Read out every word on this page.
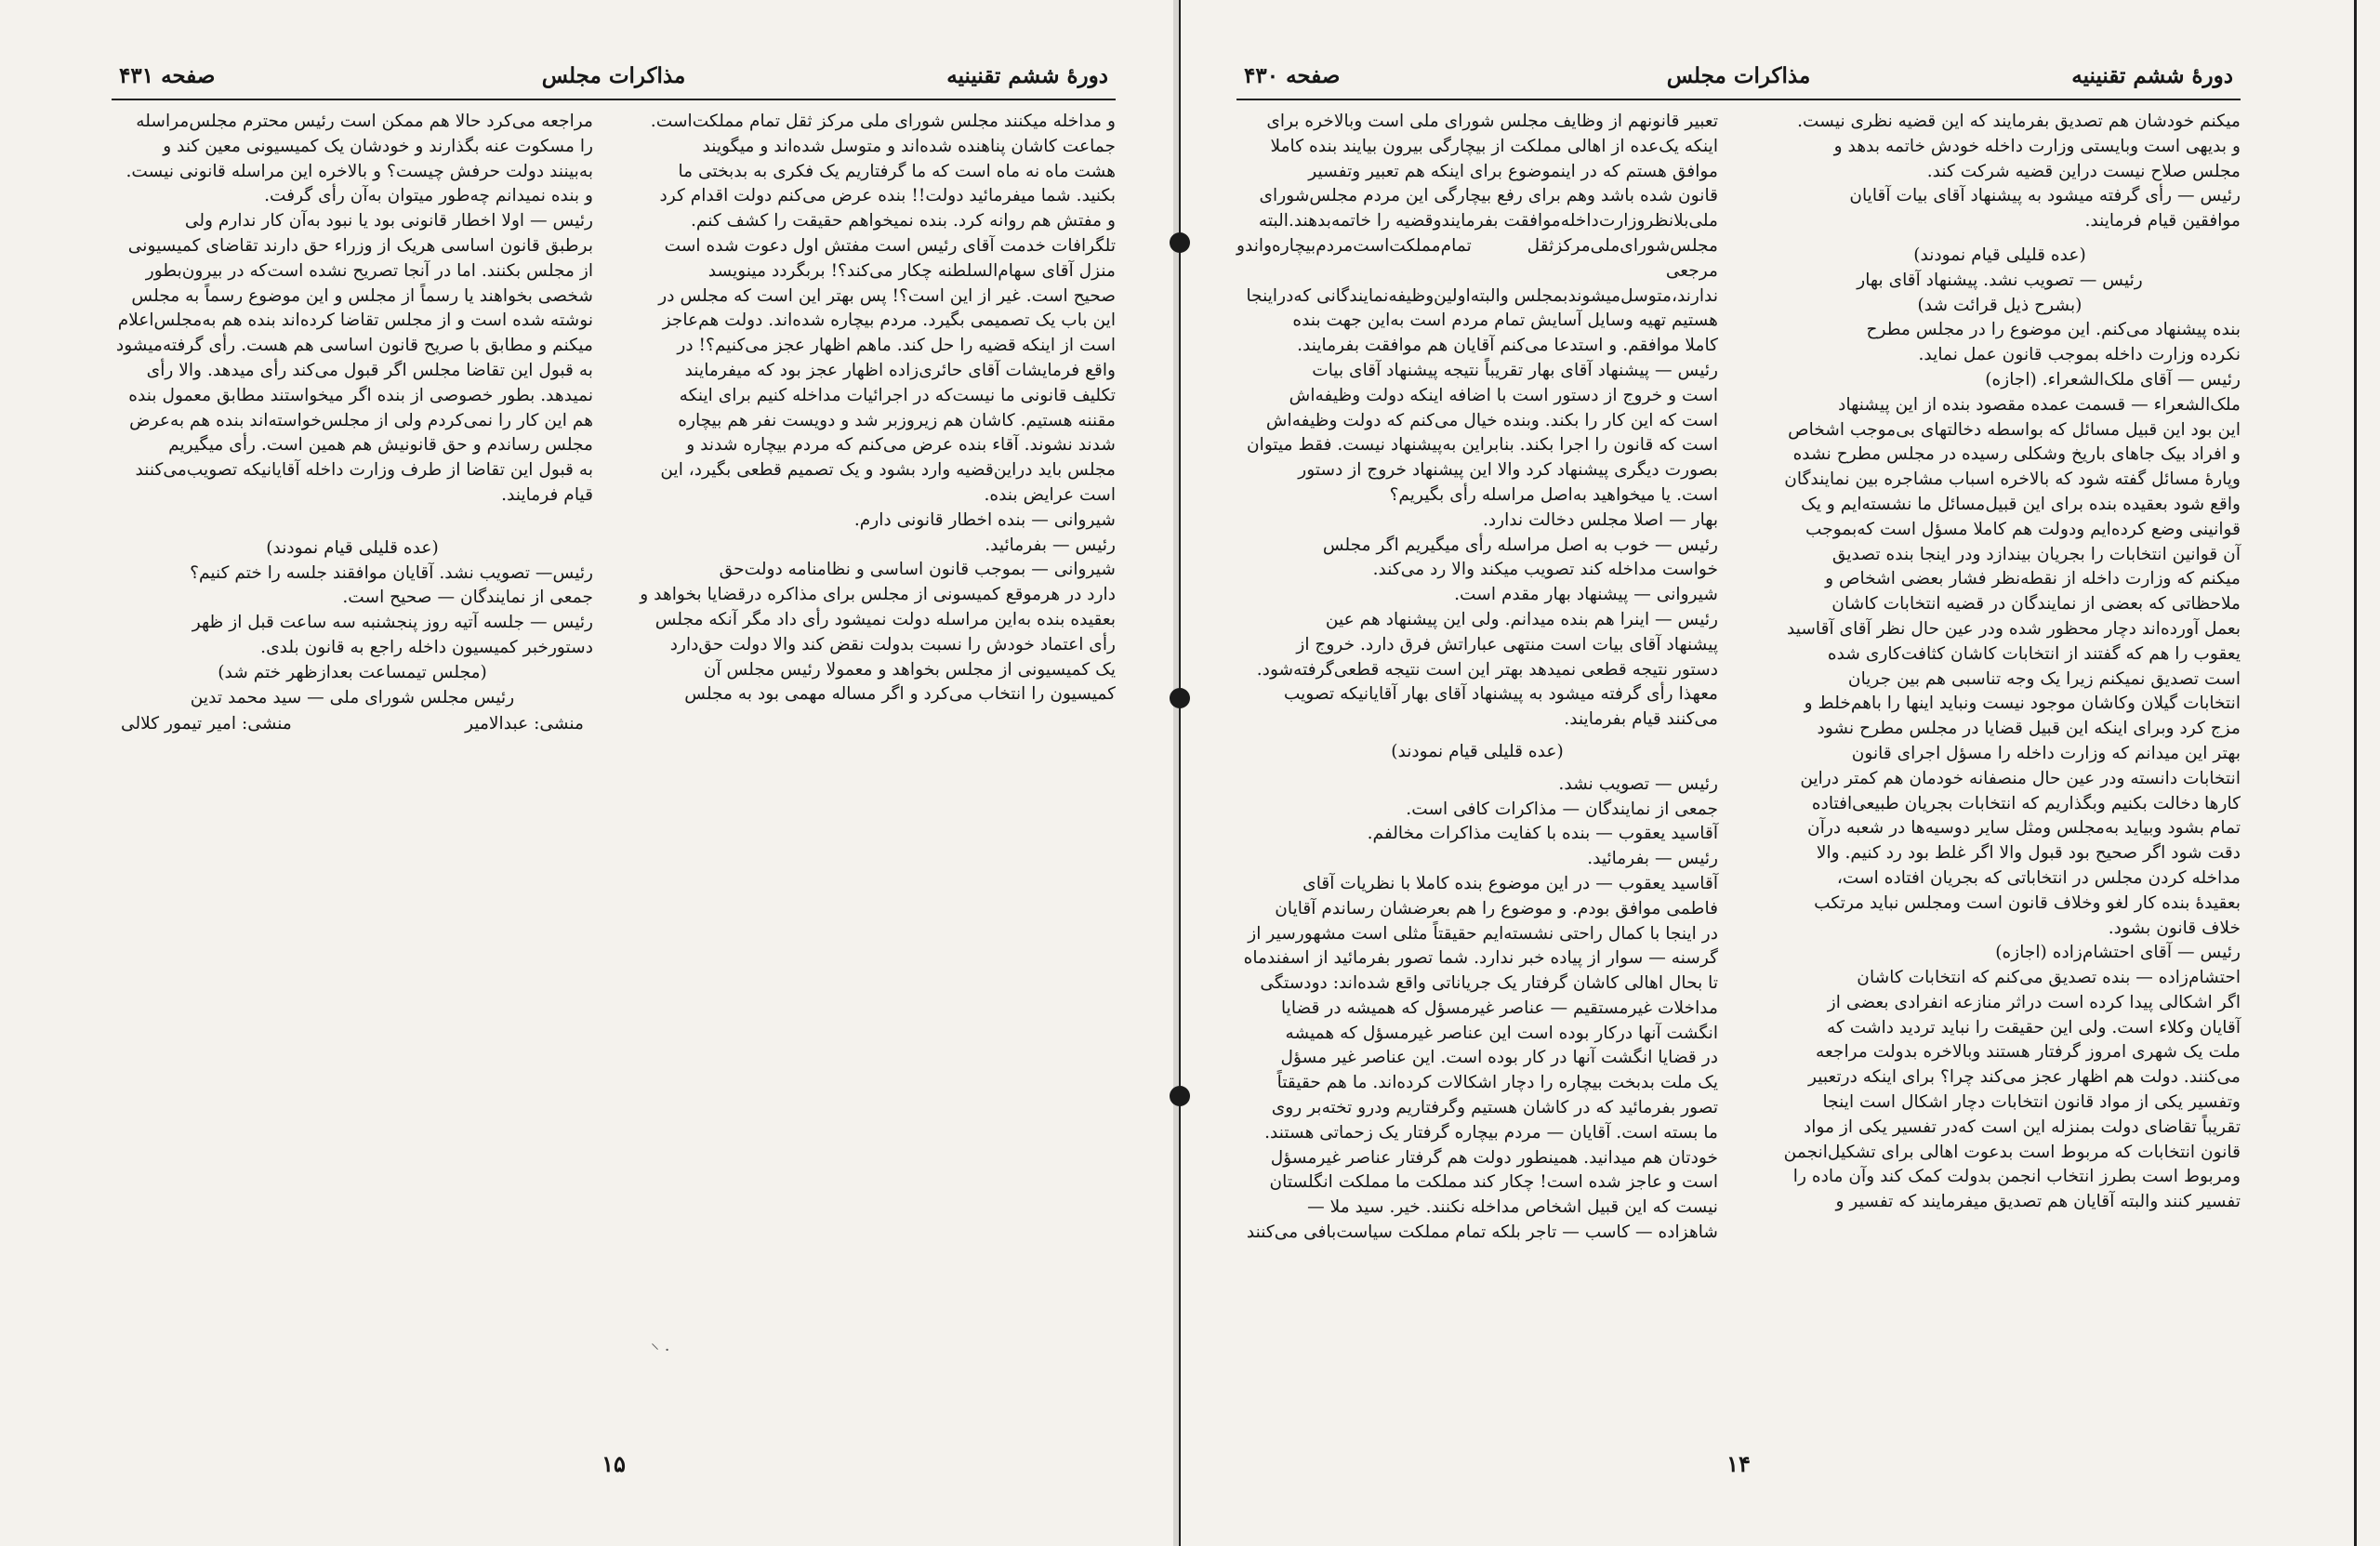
دورهٔ ششم تقنینیه
مذاکرات مجلس
صفحه ۴۳۱

و مداخله میکنند مجلس شورای ملی مرکز ثقل تمام مملکت‌است.

جماعت کاشان پناهنده شده‌اند و متوسل شده‌اند و میگویند

هشت ماه نه ماه است که ما گرفتاریم یک فکری به بدبختی ما

بکنید. شما میفرمائید دولت!! بنده عرض می‌کنم دولت اقدام کرد

و مفتش هم روانه کرد. بنده نمیخواهم حقیقت را کشف کنم.

تلگرافات خدمت آقای رئیس است مفتش اول دعوت شده است

منزل آقای سهام‌السلطنه چکار می‌کند؟! بربگردد مینویسد

صحیح است. غیر از این است؟! پس بهتر این است که مجلس در

این باب یک تصمیمی بگیرد. مردم بیچاره شده‌اند. دولت هم‌عاجز

است از اینکه قضیه را حل کند. ماهم اظهار عجز می‌کنیم؟! در

واقع فرمایشات آقای حائری‌زاده اظهار عجز بود که میفرمایند

تکلیف قانونی ما نیست‌که در اجرائیات مداخله کنیم برای اینکه

مقننه هستیم. کاشان هم زیروزبر شد و دویست نفر هم بیچاره

شدند نشوند. آقاء بنده عرض می‌کنم که مردم بیچاره شدند و

مجلس باید دراین‌قضیه وارد بشود و یک تصمیم قطعی بگیرد، این

است عرایض بنده.

شیروانی — بنده اخطار قانونی دارم.

رئیس — بفرمائید.

شیروانی — بموجب قانون اساسی و نظامنامه دولت‌حق

دارد در هرموقع کمیسونی از مجلس برای مذاکره درقضایا بخواهد و

بعقیده بنده به‌این مراسله دولت نمیشود رأی داد مگر آنکه مجلس

رأی اعتماد خودش را نسبت بدولت نقض کند والا دولت حق‌دارد

یک کمیسیونی از مجلس بخواهد و معمولا رئیس مجلس آن

کمیسیون را انتخاب می‌کرد و اگر مساله مهمی بود به مجلس

مراجعه می‌کرد حالا هم ممکن است رئیس محترم مجلس‌مراسله

را مسکوت عنه بگذارند و خودشان یک کمیسیونی معین کند و

به‌بینند دولت حرفش چیست؟ و بالاخره این مراسله قانونی نیست.

و بنده نمیدانم چه‌طور میتوان به‌آن رأی گرفت.

رئیس — اولا اخطار قانونی بود یا نبود به‌آن کار ندارم ولی

برطبق قانون اساسی هریک از وزراء حق دارند تقاضای کمیسیونی

از مجلس بکنند. اما در آنجا تصریح نشده است‌که در بیرون‌بطور

شخصی بخواهند یا رسماً از مجلس و این موضوع رسماً به مجلس

نوشته شده است و از مجلس تقاضا کرده‌اند بنده هم به‌مجلس‌اعلام

میکنم و مطابق با صریح قانون اساسی هم هست. رأی گرفته‌میشود

به قبول این تقاضا مجلس اگر قبول می‌کند رأی میدهد. والا رأی

نمیدهد. بطور خصوصی از بنده اگر میخواستند مطابق معمول بنده

هم این کار را نمی‌کردم ولی از مجلس‌خواسته‌اند بنده هم به‌عرض

مجلس رساندم و حق قانونیش هم همین است. رأی میگیریم

به قبول این تقاضا از طرف وزارت داخله آقایانیکه تصویب‌می‌کنند

قیام فرمایند.

(عده قلیلی قیام نمودند)

رئیس— تصویب نشد. آقایان موافقند جلسه را ختم کنیم؟

جمعی از نمایندگان — صحیح است.

رئیس — جلسه آتیه روز پنجشنبه سه ساعت قبل از ظهر

دستورخبر کمیسیون داخله راجع به قانون بلدی.

(مجلس تیمساعت بعدازظهر ختم شد)

رئیس مجلس شورای ملی — سید محمد تدین

منشی: عبدالامیر
منشی: امیر تیمور کلالی
⸌ ·
۱۵
دورهٔ ششم تقنینیه
مذاکرات مجلس
صفحه ۴۳۰

میکنم خودشان هم تصدیق بفرمایند که این قضیه نظری نیست.

و بدیهی است وبایستی وزارت داخله خودش خاتمه بدهد و

مجلس صلاح نیست دراین قضیه شرکت کند.

رئیس — رأی گرفته میشود به پیشنهاد آقای بیات آقایان

موافقین قیام فرمایند.

(عده قلیلی قیام نمودند)

رئیس — تصویب نشد. پیشنهاد آقای بهار

(بشرح ذیل قرائت شد)

بنده پیشنهاد می‌کنم. این موضوع را در مجلس مطرح

نکرده وزارت داخله بموجب قانون عمل نماید.

رئیس — آقای ملک‌الشعراء. (اجازه)

ملک‌الشعراء — قسمت عمده مقصود بنده از این پیشنهاد

این بود این قبیل مسائل که بواسطه دخالتهای بی‌موجب اشخاص

و افراد بیک جاهای باریخ وشکلی رسیده در مجلس مطرح نشده

وپارهٔ مسائل گفته شود که بالاخره اسباب مشاجره بین نمایندگان

واقع شود بعقیده بنده برای این قبیل‌مسائل ما نشسته‌ایم و یک

قوانینی وضع کرده‌ایم ودولت هم کاملا مسؤل است که‌بموجب

آن قوانین انتخابات را بجریان بیندازد ودر اینجا بنده تصدیق

میکنم که وزارت داخله از نقطه‌نظر فشار بعضی اشخاص و

ملاحظاتی که بعضی از نمایندگان در قضیه انتخابات کاشان

بعمل آورده‌اند دچار محظور شده ودر عین حال نظر آقای آقاسید

یعقوب را هم که گفتند از انتخابات کاشان کثافت‌کاری شده

است تصدیق نمیکنم زیرا یک وجه تناسبی هم بین جریان

انتخابات گیلان وکاشان موجود نیست ونباید اینها را باهم‌خلط و

مزج کرد وبرای اینکه این قبیل قضایا در مجلس مطرح نشود

بهتر این میدانم که وزارت داخله را مسؤل اجرای قانون

انتخابات دانسته ودر عین حال منصفانه خودمان هم کمتر دراین

کارها دخالت بکنیم وبگذاریم که انتخابات بجریان طبیعی‌افتاده

تمام بشود وبیاید به‌مجلس ومثل سایر دوسیه‌ها در شعبه درآن

دقت شود اگر صحیح بود قبول والا اگر غلط بود رد کنیم. والا

مداخله کردن مجلس در انتخاباتی که بجریان افتاده است،

بعقیدهٔ بنده کار لغو وخلاف قانون است ومجلس نباید مرتکب

خلاف قانون بشود.

رئیس — آقای احتشام‌زاده (اجازه)

احتشام‌زاده — بنده تصدیق می‌کنم که انتخابات کاشان

اگر اشکالی پیدا کرده است دراثر منازعه انفرادی بعضی از

آقایان وکلاء است. ولی این حقیقت را نباید تردید داشت که

ملت یک شهری امروز گرفتار هستند وبالاخره بدولت مراجعه

می‌کنند. دولت هم اظهار عجز می‌کند چرا؟ برای اینکه درتعبیر

وتفسیر یکی از مواد قانون انتخابات دچار اشکال است اینجا

تقریباً تقاضای دولت بمنزله این است که‌در تفسیر یکی از مواد

قانون انتخابات که مربوط است بدعوت اهالی برای تشکیل‌انجمن

ومربوط است بطرز انتخاب انجمن بدولت کمک کند وآن ماده را

تفسیر کنند والبته آقایان هم تصدیق میفرمایند که تفسیر و

تعبیر قانونهم از وظایف مجلس شورای ملی است وبالاخره برای

اینکه یک‌عده از اهالی مملکت از بیچارگی بیرون بیایند بنده کاملا

موافق هستم که در اینموضوع برای اینکه هم تعبیر وتفسیر

قانون شده باشد وهم برای رفع بیچارگی این مردم مجلس‌شورای

ملی‌بلانظروزارت‌داخله‌موافقت بفرمایندوقضیه را خاتمه‌بدهند.البته

مجلس‌شورای‌ملی‌مرکزثقل تمام‌مملکت‌است‌مردم‌بیچاره‌واندو مرجعی

ندارند،متوسل‌میشوند‌بمجلس و‌البته‌اولین‌وظیفه‌نمایندگانی که‌در‌اینجا

هستیم تهیه وسایل آسایش تمام مردم است به‌این جهت بنده

کاملا موافقم. و استدعا می‌کنم آقایان هم موافقت بفرمایند.

رئیس — پیشنهاد آقای بهار تقریباً نتیجه پیشنهاد آقای بیات

است و خروج از دستور است با اضافه اینکه دولت وظیفه‌اش

است که این کار را بکند. وبنده خیال می‌کنم که دولت وظیفه‌اش

است که قانون را اجرا بکند. بنابراین به‌پیشنهاد نیست. فقط میتوان

بصورت دیگری پیشنهاد کرد والا این پیشنهاد خروج از دستور

است. یا میخواهید به‌اصل مراسله رأی بگیریم؟

بهار — اصلا مجلس دخالت ندارد.

رئیس — خوب به اصل مراسله رأی میگیریم اگر مجلس

خواست مداخله کند تصویب میکند والا رد می‌کند.

شیروانی — پیشنهاد بهار مقدم است.

رئیس — اینرا هم بنده میدانم. ولی این پیشنهاد هم عین

پیشنهاد آقای بیات است منتهی عباراتش فرق دارد. خروج از

دستور نتیجه قطعی نمیدهد بهتر این است نتیجه قطعی‌گرفته‌شود.

معهذا رأی گرفته میشود به پیشنهاد آقای بهار آقایانیکه تصویب

می‌کنند قیام بفرمایند.

(عده قلیلی قیام نمودند)

رئیس — تصویب نشد.

جمعی از نمایندگان — مذاکرات کافی است.

آقاسید یعقوب — بنده با کفایت مذاکرات مخالفم.

رئیس — بفرمائید.

آقاسید یعقوب — در این موضوع بنده کاملا با نظریات آقای

فاطمی موافق بودم. و موضوع را هم بعرضشان رساندم آقایان

در اینجا با کمال راحتی نشسته‌ایم حقیقتاً مثلی است مشهورسیر از

گرسنه — سوار از پیاده خبر ندارد. شما تصور بفرمائید از اسفندماه

تا بحال اهالی کاشان گرفتار یک جریاناتی واقع شده‌اند: دودستگی

مداخلات غیرمستقیم — عناصر غیرمسؤل که همیشه در قضایا

انگشت آنها درکار بوده است این عناصر غیرمسؤل که همیشه

در قضایا انگشت آنها در کار بوده است. این عناصر غیر مسؤل

یک ملت بدبخت بیچاره را دچار اشکالات کرده‌اند. ما هم حقیقتاً

تصور بفرمائید که در کاشان هستیم وگرفتاریم ودرو تخته‌بر روی

ما بسته است. آقایان — مردم بیچاره گرفتار یک زحماتی هستند.

خودتان هم میدانید. همینطور دولت هم گرفتار عناصر غیرمسؤل

است و عاجز شده است! چکار کند مملکت ما مملکت انگلستان

نیست که این قبیل اشخاص مداخله نکنند. خیر. سید ملا —

شاهزاده — کاسب — تاجر بلکه تمام مملکت سیاست‌بافی می‌کنند

۱۴
